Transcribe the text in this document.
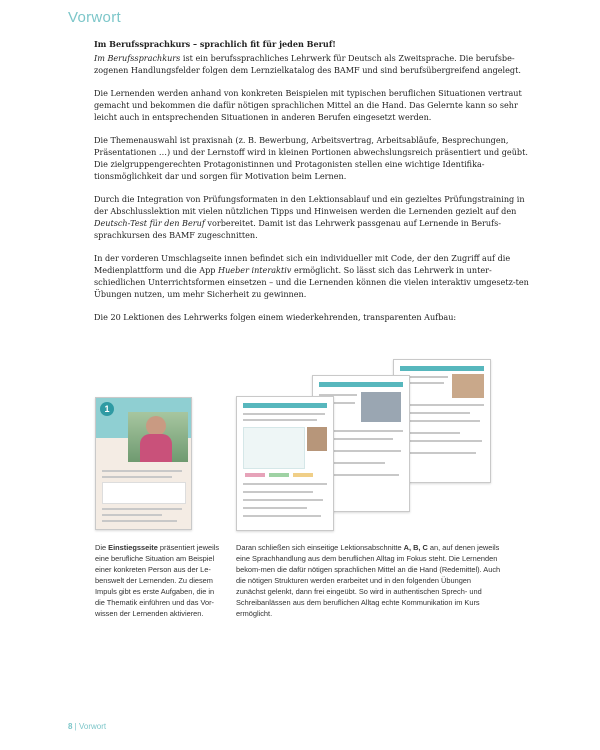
Vorwort

Im Berufssprachkurs – sprachlich fit für jeden Beruf!

Im Berufssprachkurs ist ein berufssprachliches Lehrwerk für Deutsch als Zweitsprache. Die berufsbe-zogenen Handlungsfelder folgen dem Lernzielkatalog des BAMF und sind berufsübergreifend angelegt.

Die Lernenden werden anhand von konkreten Beispielen mit typischen beruflichen Situationen vertraut gemacht und bekommen die dafür nötigen sprachlichen Mittel an die Hand. Das Gelernte kann so sehr leicht auch in entsprechenden Situationen in anderen Berufen eingesetzt werden.

Die Themenauswahl ist praxisnah (z. B. Bewerbung, Arbeitsvertrag, Arbeitsabläufe, Besprechungen, Präsentationen …) und der Lernstoff wird in kleinen Portionen abwechslungsreich präsentiert und geübt. Die zielgruppengerechten Protagonistinnen und Protagonisten stellen eine wichtige Identifika-tionsmöglichkeit dar und sorgen für Motivation beim Lernen.

Durch die Integration von Prüfungsformaten in den Lektionsablauf und ein gezieltes Prüfungstraining in der Abschlusslektion mit vielen nützlichen Tipps und Hinweisen werden die Lernenden gezielt auf den Deutsch-Test für den Beruf vorbereitet. Damit ist das Lehrwerk passgenau auf Lernende in Berufs-sprachkursen des BAMF zugeschnitten.

In der vorderen Umschlagseite innen befindet sich ein individueller mit Code, der den Zugriff auf die Medienplattform und die App Hueber interaktiv ermöglicht. So lässt sich das Lehrwerk in unter-schiedlichen Unterrichtsformen einsetzen – und die Lernenden können die vielen interaktiv umgesetz-ten Übungen nutzen, um mehr Sicherheit zu gewinnen.

Die 20 Lektionen des Lehrwerks folgen einem wiederkehrenden, transparenten Aufbau:

1
Die Einstiegsseite präsentiert jeweils eine berufliche Situation am Beispiel einer konkreten Person aus der Le-benswelt der Lernenden. Zu diesem Impuls gibt es erste Aufgaben, die in die Thematik einführen und das Vor-wissen der Lernenden aktivieren.
Daran schließen sich einseitige Lektionsabschnitte A, B, C an, auf denen jeweils eine Sprachhandlung aus dem beruflichen Alltag im Fokus steht. Die Lernenden bekom-men die dafür nötigen sprachlichen Mittel an die Hand (Redemittel). Auch die nötigen Strukturen werden erarbeitet und in den folgenden Übungen zunächst gelenkt, dann frei eingeübt. So wird in authentischen Sprech- und Schreibanlässen aus dem beruflichen Alltag echte Kommunikation im Kurs ermöglicht.
8 | Vorwort
